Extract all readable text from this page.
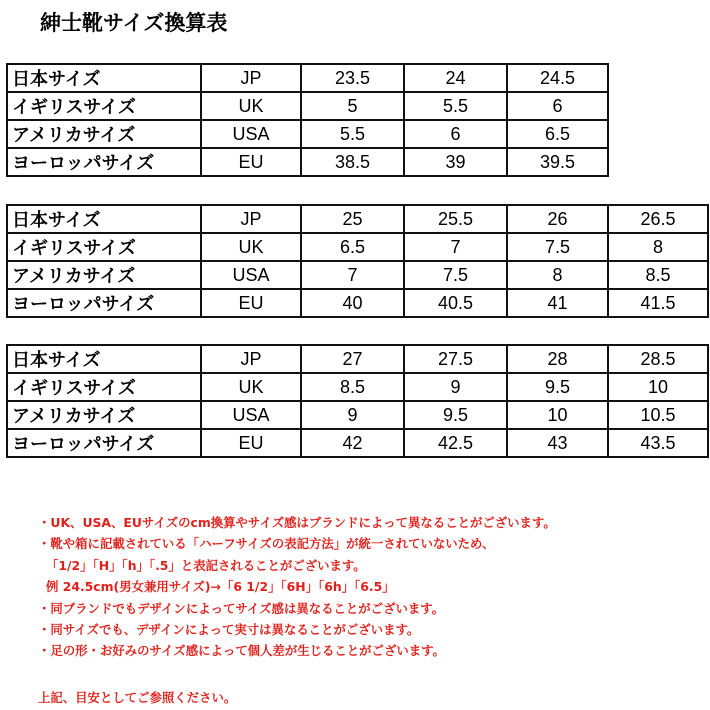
紳士靴サイズ換算表
日本サイズ	JP	23.5	24	24.5	
イギリスサイズ	UK	5	5.5	6	
アメリカサイズ	USA	5.5	6	6.5	
ヨーロッパサイズ	EU	38.5	39	39.5	
日本サイズ	JP	25	25.5	26	26.5
イギリスサイズ	UK	6.5	7	7.5	8
アメリカサイズ	USA	7	7.5	8	8.5
ヨーロッパサイズ	EU	40	40.5	41	41.5
日本サイズ	JP	27	27.5	28	28.5
イギリスサイズ	UK	8.5	9	9.5	10
アメリカサイズ	USA	9	9.5	10	10.5
ヨーロッパサイズ	EU	42	42.5	43	43.5
・UK、USA、EUサイズのcm換算やサイズ感はブランドによって異なることがございます。
・靴や箱に記載されている「ハーフサイズの表記方法」が統一されていないため、
「1/2」「H」「h」「.5」と表記されることがございます。
例 24.5cm(男女兼用サイズ)→「6 1/2」「6H」「6h」「6.5」
・同ブランドでもデザインによってサイズ感は異なることがございます。
・同サイズでも、デザインによって実寸は異なることがございます。
・足の形・お好みのサイズ感によって個人差が生じることがございます。
上記、目安としてご参照ください。
